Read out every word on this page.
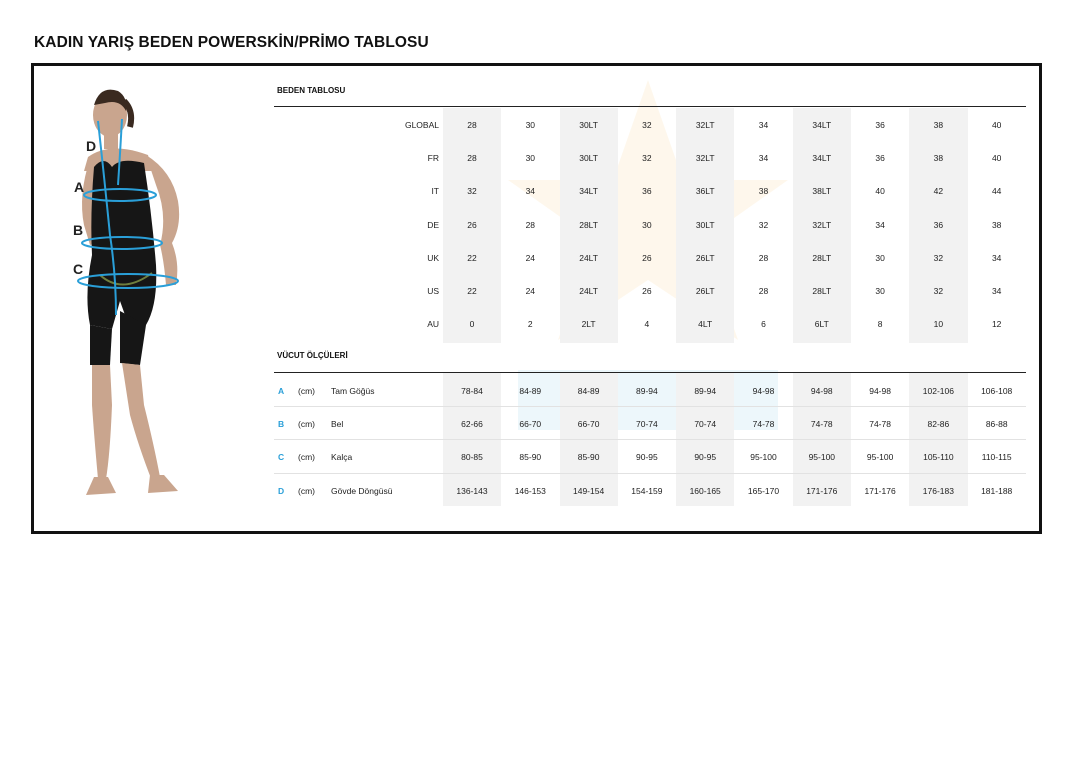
KADIN YARIŞ BEDEN POWERSKİN/PRİMO TABLOSU
D
A
B
C
BEDEN TABLOSU
GLOBAL	28	30	30LT	32	32LT	34	34LT	36	38	40
FR	28	30	30LT	32	32LT	34	34LT	36	38	40
IT	32	34	34LT	36	36LT	38	38LT	40	42	44
DE	26	28	28LT	30	30LT	32	32LT	34	36	38
UK	22	24	24LT	26	26LT	28	28LT	30	32	34
US	22	24	24LT	26	26LT	28	28LT	30	32	34
AU	0	2	2LT	4	4LT	6	6LT	8	10	12
VÜCUT ÖLÇÜLERİ
A (cm) Tam Göğüs	78-84	84-89	84-89	89-94	89-94	94-98	94-98	94-98	102-106	106-108
B (cm) Bel	62-66	66-70	66-70	70-74	70-74	74-78	74-78	74-78	82-86	86-88
C (cm) Kalça	80-85	85-90	85-90	90-95	90-95	95-100	95-100	95-100	105-110	110-115
D (cm) Gövde Döngüsü	136-143	146-153	149-154	154-159	160-165	165-170	171-176	171-176	176-183	181-188
